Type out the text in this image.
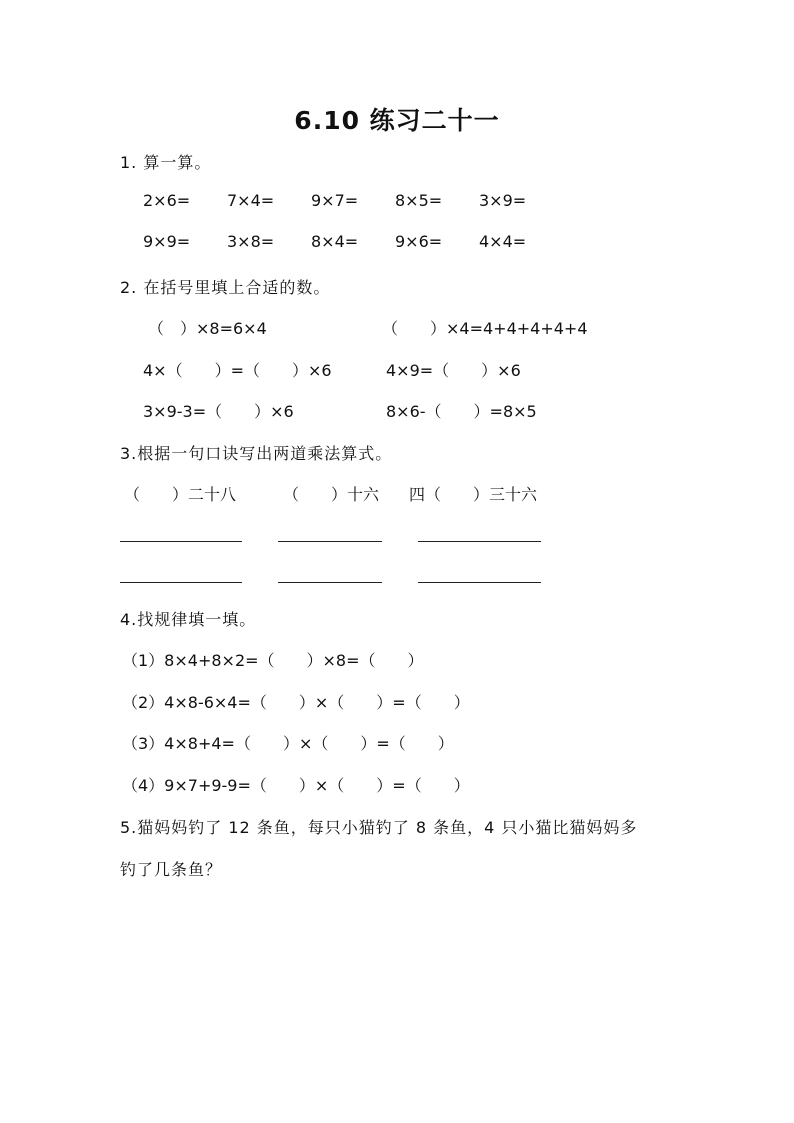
6.10 练习二十一
1. 算一算。
2×6= 7×4= 9×7= 8×5= 3×9=
9×9= 3×8= 8×4= 9×6= 4×4=
2. 在括号里填上合适的数。
（　）×8=6×4	（　　）×4=4+4+4+4+4
4×（　　）=（　　）×6	4×9=（　　）×6
3×9-3=（　　）×6	8×6-（　　）=8×5
3.根据一句口诀写出两道乘法算式。
（　　）二十八	（　　）十六 四（　　）三十六
4.找规律填一填。
（1）8×4+8×2=（　　）×8=（　　）
（2）4×8-6×4=（　　）×（　　）=（　　）
（3）4×8+4=（　　）×（　　）=（　　）
（4）9×7+9-9=（　　）×（　　）=（　　）
5.猫妈妈钓了 12 条鱼，每只小猫钓了 8 条鱼，4 只小猫比猫妈妈多
钓了几条鱼？
